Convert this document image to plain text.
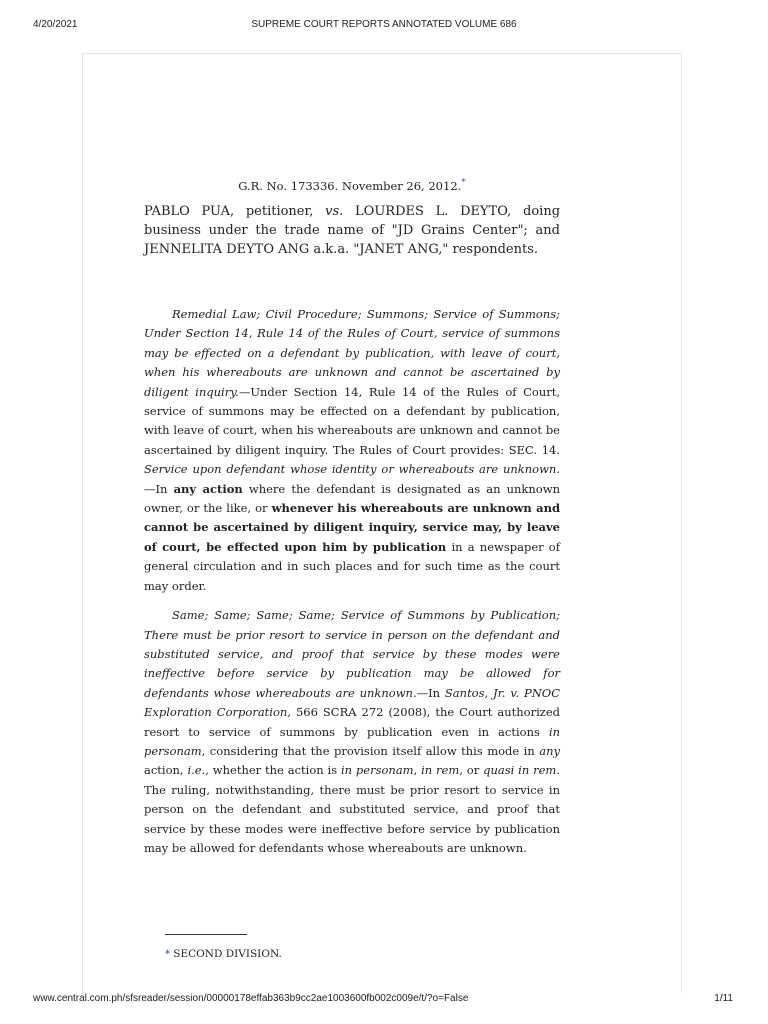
4/20/2021	SUPREME COURT REPORTS ANNOTATED VOLUME 686
G.R. No. 173336. November 26, 2012.*
PABLO PUA, petitioner, vs. LOURDES L. DEYTO, doing business under the trade name of "JD Grains Center"; and JENNELITA DEYTO ANG a.k.a. "JANET ANG," respondents.

Remedial Law; Civil Procedure; Summons; Service of Summons; Under Section 14, Rule 14 of the Rules of Court, service of summons may be effected on a defendant by publication, with leave of court, when his whereabouts are unknown and cannot be ascertained by diligent inquiry.—Under Section 14, Rule 14 of the Rules of Court, service of summons may be effected on a defendant by publication, with leave of court, when his whereabouts are unknown and cannot be ascertained by diligent inquiry. The Rules of Court provides: SEC. 14. Service upon defendant whose identity or whereabouts are unknown.—In any action where the defendant is designated as an unknown owner, or the like, or whenever his whereabouts are unknown and cannot be ascertained by diligent inquiry, service may, by leave of court, be effected upon him by publication in a newspaper of general circulation and in such places and for such time as the court may order.

Same; Same; Same; Same; Service of Summons by Publication; There must be prior resort to service in person on the defendant and substituted service, and proof that service by these modes were ineffective before service by publication may be allowed for defendants whose whereabouts are unknown.—In Santos, Jr. v. PNOC Exploration Corporation, 566 SCRA 272 (2008), the Court authorized resort to service of summons by publication even in actions in personam, considering that the provision itself allow this mode in any action, i.e., whether the action is in personam, in rem, or quasi in rem. The ruling, notwithstanding, there must be prior resort to service in person on the defendant and substituted service, and proof that service by these modes were ineffective before service by publication may be allowed for defendants whose whereabouts are unknown.

* SECOND DIVISION.
www.central.com.ph/sfsreader/session/00000178effab363b9cc2ae1003600fb002c009e/t/?o=False	1/11
